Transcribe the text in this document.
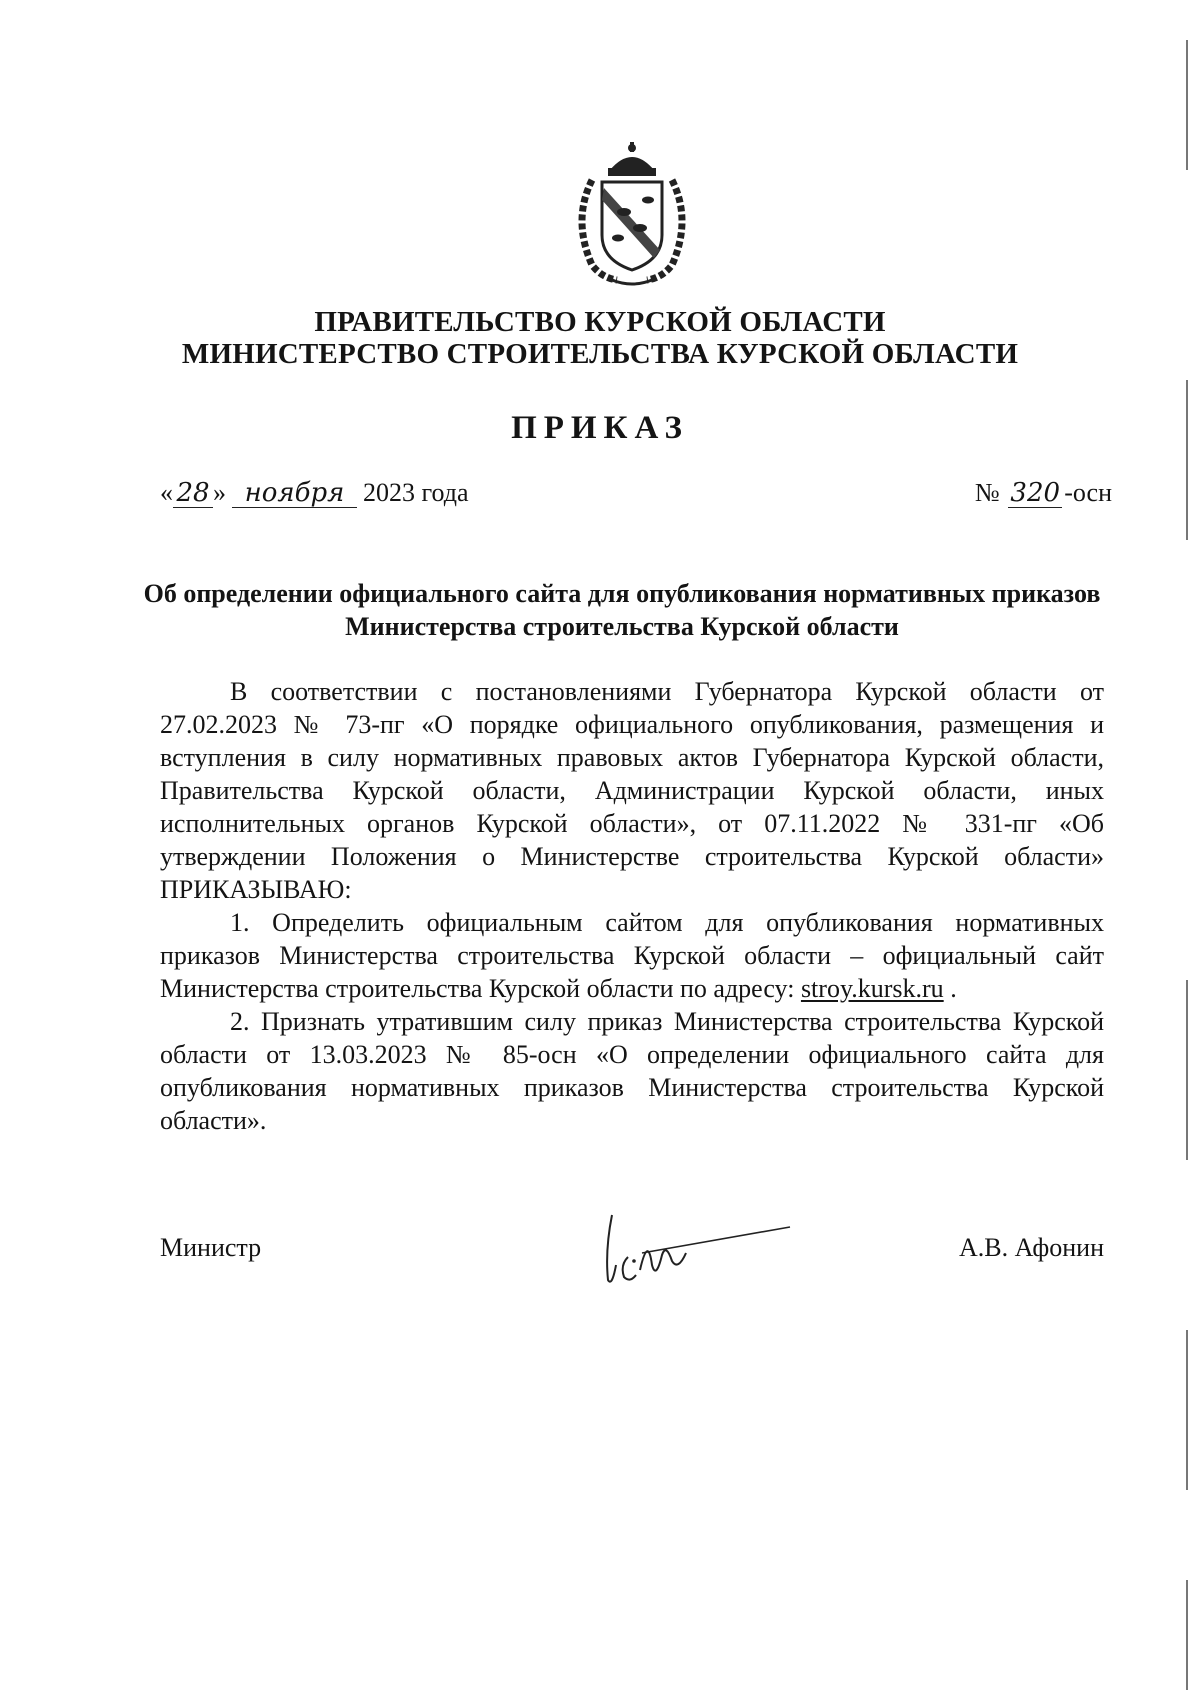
ПРАВИТЕЛЬСТВО КУРСКОЙ ОБЛАСТИ
МИНИСТЕРСТВО СТРОИТЕЛЬСТВА КУРСКОЙ ОБЛАСТИ
ПРИКАЗ
« 28 » ноября 2023 года	№ 320 -осн
Об определении официального сайта для опубликования нормативных приказов Министерства строительства Курской области

В соответствии с постановлениями Губернатора Курской области от 27.02.2023 № 73-пг «О порядке официального опубликования, размещения и вступления в силу нормативных правовых актов Губернатора Курской области, Правительства Курской области, Администрации Курской области, иных исполнительных органов Курской области», от 07.11.2022 № 331-пг «Об утверждении Положения о Министерстве строительства Курской области» ПРИКАЗЫВАЮ:

1. Определить официальным сайтом для опубликования нормативных приказов Министерства строительства Курской области – официальный сайт Министерства строительства Курской области по адресу: stroy.kursk.ru .

2. Признать утратившим силу приказ Министерства строительства Курской области от 13.03.2023 № 85-осн «О определении официального сайта для опубликования нормативных приказов Министерства строительства Курской области».

Министр	А.В. Афонин
